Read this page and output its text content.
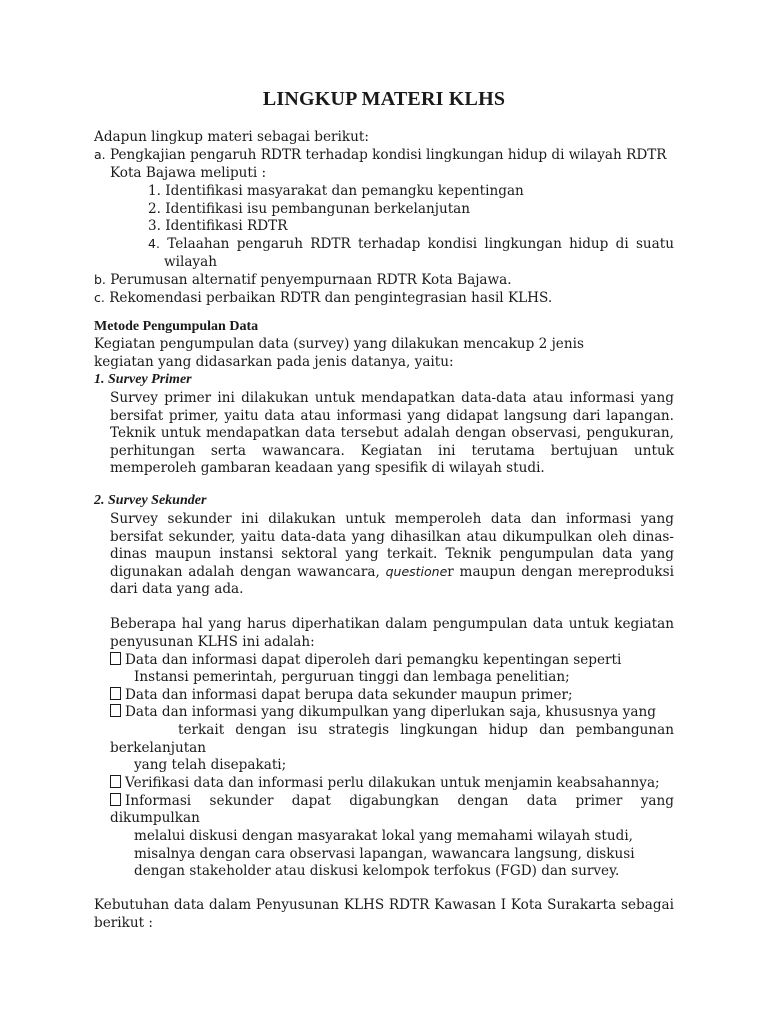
LINGKUP MATERI KLHS
Adapun lingkup materi sebagai berikut:
a. Pengkajian pengaruh RDTR terhadap kondisi lingkungan hidup di wilayah RDTR
Kota Bajawa meliputi :
1. Identifikasi masyarakat dan pemangku kepentingan
2. Identifikasi isu pembangunan berkelanjutan
3. Identifikasi RDTR
4. Telaahan pengaruh RDTR terhadap kondisi lingkungan hidup di suatu
wilayah
b. Perumusan alternatif penyempurnaan RDTR Kota Bajawa.
c. Rekomendasi perbaikan RDTR dan pengintegrasian hasil KLHS.
Metode Pengumpulan Data
Kegiatan pengumpulan data (survey) yang dilakukan mencakup 2 jenis
kegiatan yang didasarkan pada jenis datanya, yaitu:
1. Survey Primer
Survey primer ini dilakukan untuk mendapatkan data-data atau informasi yang
bersifat primer, yaitu data atau informasi yang didapat langsung dari lapangan.
Teknik untuk mendapatkan data tersebut adalah dengan observasi, pengukuran,
perhitungan serta wawancara. Kegiatan ini terutama bertujuan untuk
memperoleh gambaran keadaan yang spesifik di wilayah studi.
2. Survey Sekunder
Survey sekunder ini dilakukan untuk memperoleh data dan informasi yang
bersifat sekunder, yaitu data-data yang dihasilkan atau dikumpulkan oleh dinas-
dinas maupun instansi sektoral yang terkait. Teknik pengumpulan data yang
digunakan adalah dengan wawancara, questioner maupun dengan mereproduksi
dari data yang ada.
Beberapa hal yang harus diperhatikan dalam pengumpulan data untuk kegiatan
penyusunan KLHS ini adalah:
Data dan informasi dapat diperoleh dari pemangku kepentingan seperti
Instansi pemerintah, perguruan tinggi dan lembaga penelitian;
Data dan informasi dapat berupa data sekunder maupun primer;
Data dan informasi yang dikumpulkan yang diperlukan saja, khususnya yang
terkait dengan isu strategis lingkungan hidup dan pembangunan
berkelanjutan
yang telah disepakati;
Verifikasi data dan informasi perlu dilakukan untuk menjamin keabsahannya;
Informasi sekunder dapat digabungkan dengan data primer yang
dikumpulkan
melalui diskusi dengan masyarakat lokal yang memahami wilayah studi,
misalnya dengan cara observasi lapangan, wawancara langsung, diskusi
dengan stakeholder atau diskusi kelompok terfokus (FGD) dan survey.
Kebutuhan data dalam Penyusunan KLHS RDTR Kawasan I Kota Surakarta sebagai
berikut :
